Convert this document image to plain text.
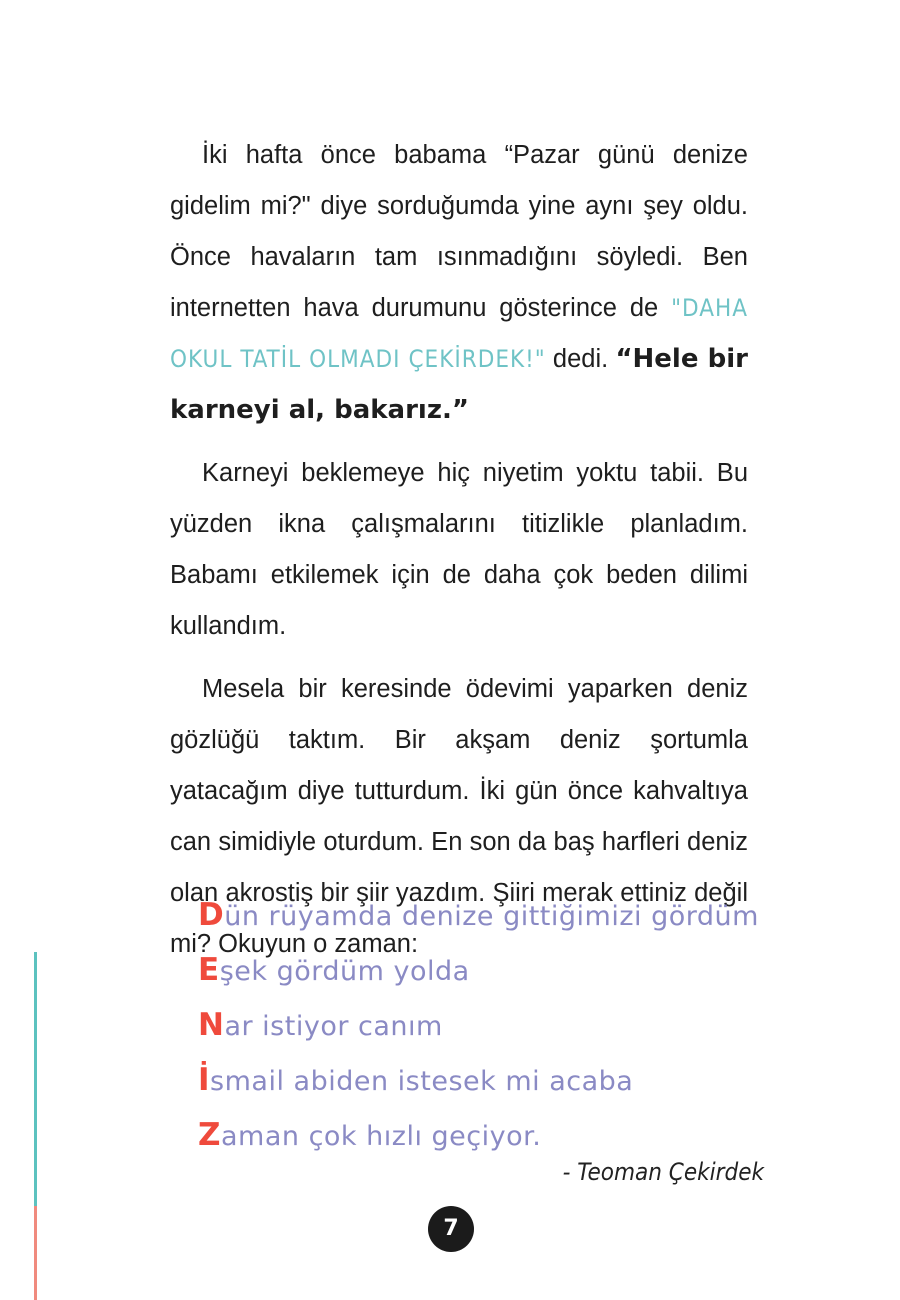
İki hafta önce babama “Pazar günü denize gidelim mi?" diye sorduğumda yine aynı şey oldu. Önce havaların tam ısınmadığını söyledi. Ben internetten hava durumunu gösterince de "DAHA OKUL TATİL OLMADI ÇEKİRDEK!" dedi. “Hele bir karneyi al, bakarız.”

Karneyi beklemeye hiç niyetim yoktu tabii. Bu yüzden ikna çalışmalarını titizlikle planladım. Babamı etkilemek için de daha çok beden dilimi kullandım.

Mesela bir keresinde ödevimi yaparken deniz gözlüğü taktım. Bir akşam deniz şortumla yatacağım diye tutturdum. İki gün önce kahvaltıya can simidiyle oturdum. En son da baş harfleri deniz olan akrostiş bir şiir yazdım. Şiiri merak ettiniz değil mi? Okuyun o zaman:

Dün rüyamda denize gittiğimizi gördüm
Eşek gördüm yolda
Nar istiyor canım
İsmail abiden istesek mi acaba
Zaman çok hızlı geçiyor.
- Teoman Çekirdek
7
